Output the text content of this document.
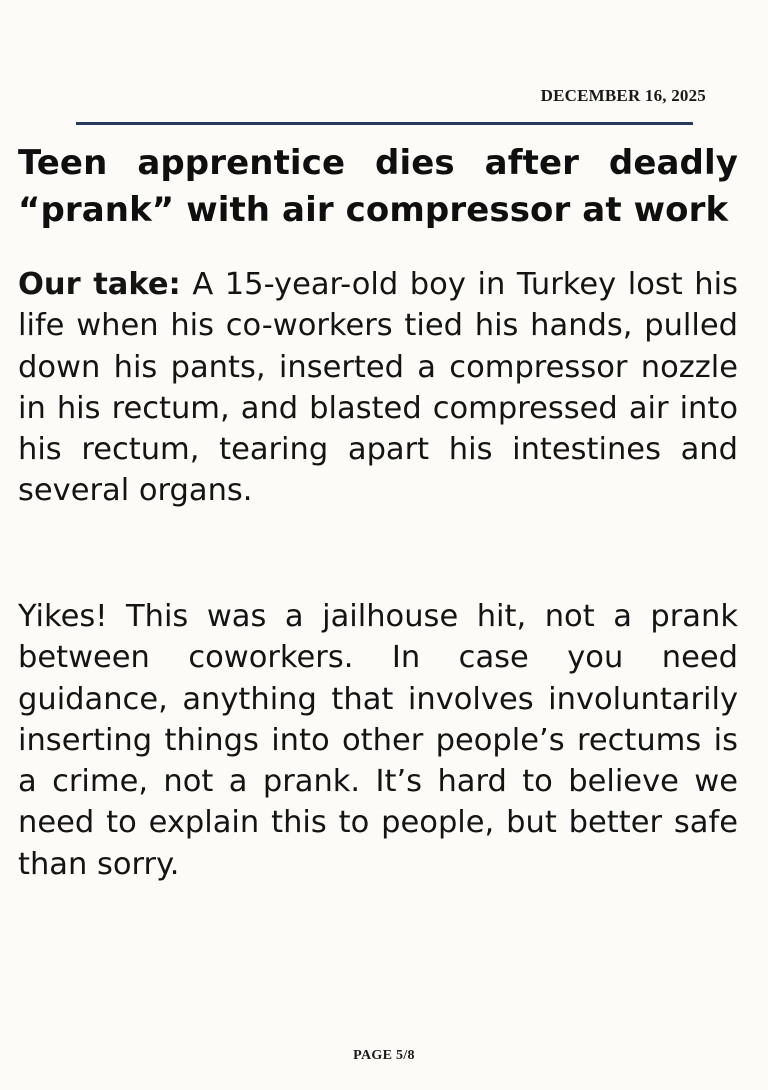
DECEMBER 16, 2025
Teen apprentice dies after deadly “prank” with air compressor at work

Our take: A 15-year-old boy in Turkey lost his life when his co-workers tied his hands, pulled down his pants, inserted a compressor nozzle in his rectum, and blasted compressed air into his rectum, tearing apart his intestines and several organs.

Yikes! This was a jailhouse hit, not a prank between coworkers. In case you need guidance, anything that involves involuntarily inserting things into other people’s rectums is a crime, not a prank. It’s hard to believe we need to explain this to people, but better safe than sorry.

PAGE 5/8
